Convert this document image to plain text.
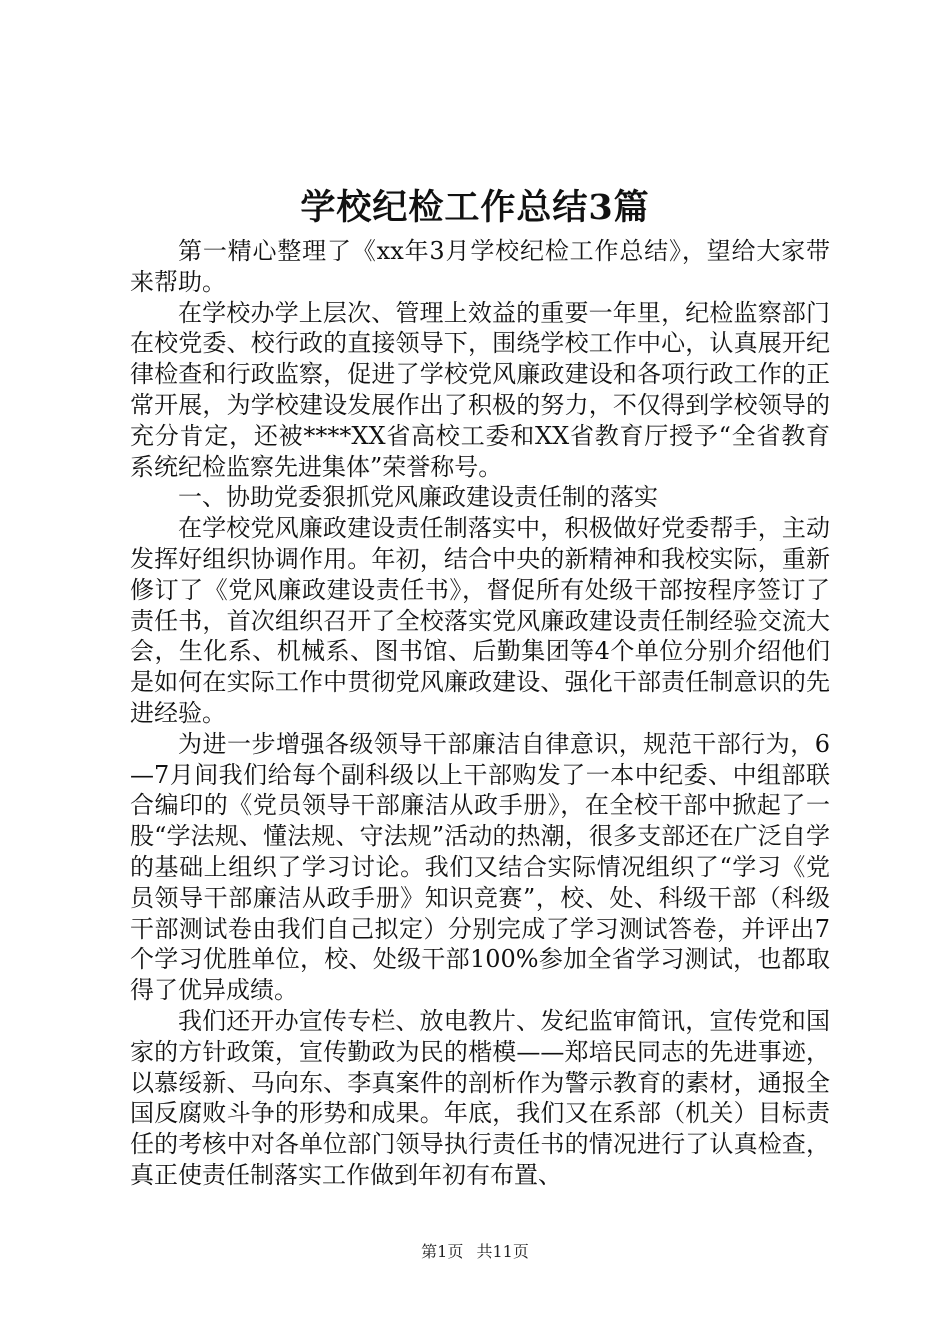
学校纪检工作总结3篇

第一精心整理了《xx年3月学校纪检工作总结》，望给大家带来帮助。

在学校办学上层次、管理上效益的重要一年里，纪检监察部门在校党委、校行政的直接领导下，围绕学校工作中心，认真展开纪律检查和行政监察，促进了学校党风廉政建设和各项行政工作的正常开展，为学校建设发展作出了积极的努力，不仅得到学校领导的充分肯定，还被****XX省高校工委和XX省教育厅授予“全省教育系统纪检监察先进集体”荣誉称号。

一、协助党委狠抓党风廉政建设责任制的落实

在学校党风廉政建设责任制落实中，积极做好党委帮手，主动发挥好组织协调作用。年初，结合中央的新精神和我校实际，重新修订了《党风廉政建设责任书》，督促所有处级干部按程序签订了责任书，首次组织召开了全校落实党风廉政建设责任制经验交流大会，生化系、机械系、图书馆、后勤集团等4个单位分别介绍他们是如何在实际工作中贯彻党风廉政建设、强化干部责任制意识的先进经验。

为进一步增强各级领导干部廉洁自律意识，规范干部行为，6—7月间我们给每个副科级以上干部购发了一本中纪委、中组部联合编印的《党员领导干部廉洁从政手册》，在全校干部中掀起了一股“学法规、懂法规、守法规”活动的热潮，很多支部还在广泛自学的基础上组织了学习讨论。我们又结合实际情况组织了“学习《党员领导干部廉洁从政手册》知识竞赛”，校、处、科级干部（科级干部测试卷由我们自己拟定）分别完成了学习测试答卷，并评出7个学习优胜单位，校、处级干部100%参加全省学习测试，也都取得了优异成绩。

我们还开办宣传专栏、放电教片、发纪监审简讯，宣传党和国家的方针政策，宣传勤政为民的楷模——郑培民同志的先进事迹，以慕绥新、马向东、李真案件的剖析作为警示教育的素材，通报全国反腐败斗争的形势和成果。年底，我们又在系部（机关）目标责任的考核中对各单位部门领导执行责任书的情况进行了认真检查，真正使责任制落实工作做到年初有布置、

第1页 共11页
